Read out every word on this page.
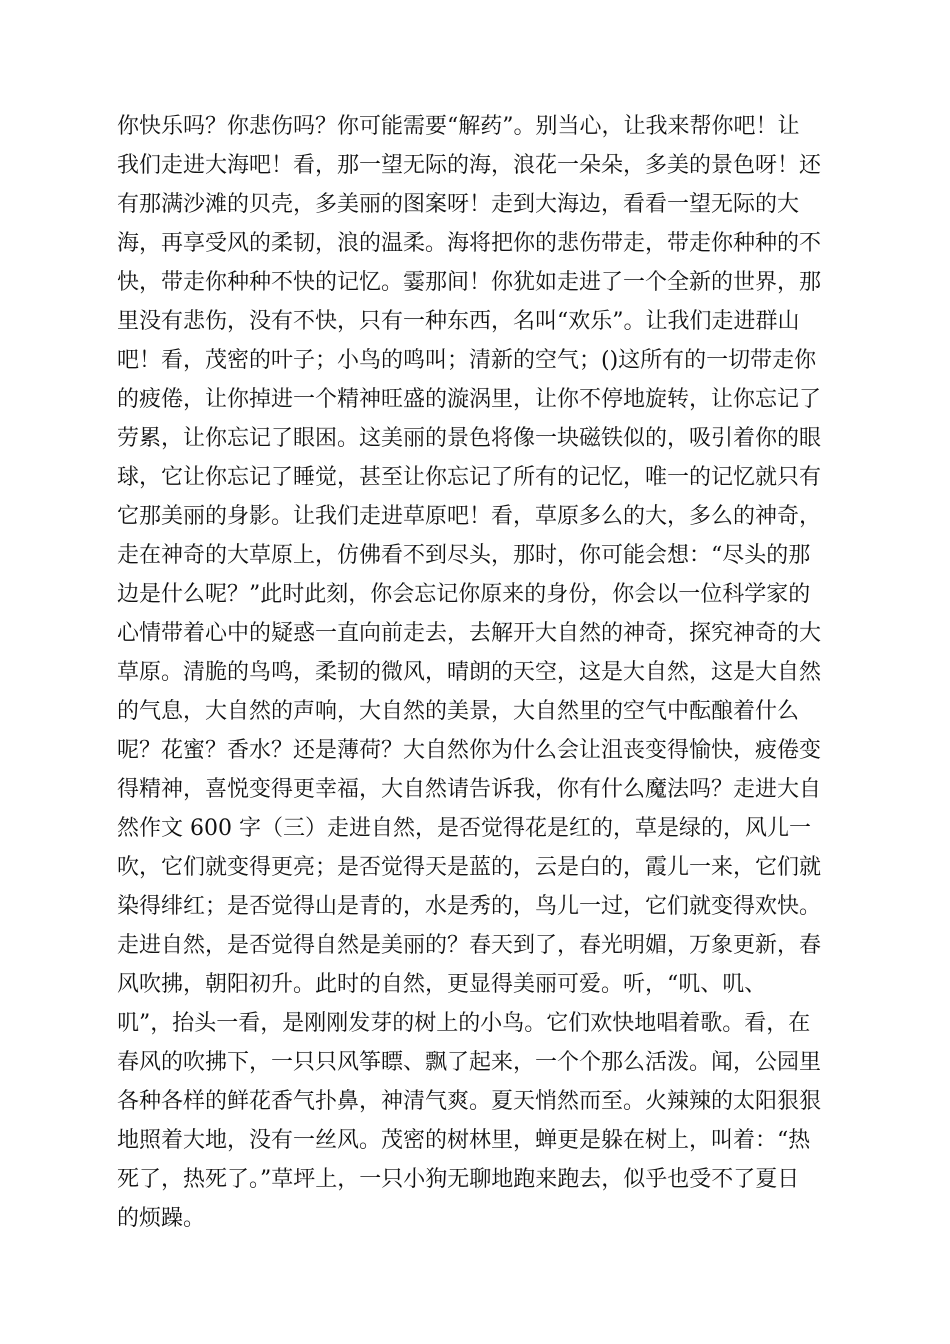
你快乐吗？你悲伤吗？你可能需要“解药”。别当心，让我来帮你吧！让
我们走进大海吧！看，那一望无际的海，浪花一朵朵，多美的景色呀！还
有那满沙滩的贝壳，多美丽的图案呀！走到大海边，看看一望无际的大
海，再享受风的柔韧，浪的温柔。海将把你的悲伤带走，带走你种种的不
快，带走你种种不快的记忆。霎那间！你犹如走进了一个全新的世界，那
里没有悲伤，没有不快，只有一种东西，名叫“欢乐”。让我们走进群山
吧！看，茂密的叶子；小鸟的鸣叫；清新的空气；()这所有的一切带走你
的疲倦，让你掉进一个精神旺盛的漩涡里，让你不停地旋转，让你忘记了
劳累，让你忘记了眼困。这美丽的景色将像一块磁铁似的，吸引着你的眼
球，它让你忘记了睡觉，甚至让你忘记了所有的记忆，唯一的记忆就只有
它那美丽的身影。让我们走进草原吧！看，草原多么的大，多么的神奇，
走在神奇的大草原上，仿佛看不到尽头，那时，你可能会想：“尽头的那
边是什么呢？”此时此刻，你会忘记你原来的身份，你会以一位科学家的
心情带着心中的疑惑一直向前走去，去解开大自然的神奇，探究神奇的大
草原。清脆的鸟鸣，柔韧的微风，晴朗的天空，这是大自然，这是大自然
的气息，大自然的声响，大自然的美景，大自然里的空气中酝酿着什么
呢？花蜜？香水？还是薄荷？大自然你为什么会让沮丧变得愉快，疲倦变
得精神，喜悦变得更幸福，大自然请告诉我，你有什么魔法吗？走进大自
然作文 600 字（三）走进自然，是否觉得花是红的，草是绿的，风儿一
吹，它们就变得更亮；是否觉得天是蓝的，云是白的，霞儿一来，它们就
染得绯红；是否觉得山是青的，水是秀的，鸟儿一过，它们就变得欢快。
走进自然，是否觉得自然是美丽的？春天到了，春光明媚，万象更新，春
风吹拂，朝阳初升。此时的自然，更显得美丽可爱。听，“叽、叽、
叽”，抬头一看，是刚刚发芽的树上的小鸟。它们欢快地唱着歌。看，在
春风的吹拂下，一只只风筝瞟、飘了起来，一个个那么活泼。闻，公园里
各种各样的鲜花香气扑鼻，神清气爽。夏天悄然而至。火辣辣的太阳狠狠
地照着大地，没有一丝风。茂密的树林里，蝉更是躲在树上，叫着：“热
死了，热死了。”草坪上，一只小狗无聊地跑来跑去，似乎也受不了夏日
的烦躁。
